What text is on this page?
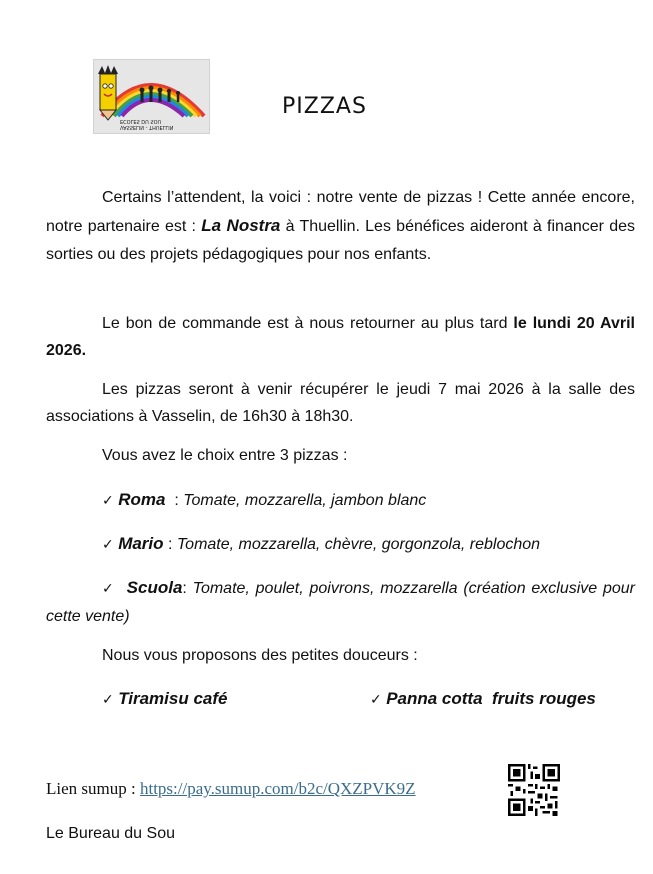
ECOLES DU SOU
VASSELIN - THUELLIN
PIZZAS

Certains l’attendent, la voici : notre vente de pizzas ! Cette année encore, notre partenaire est : La Nostra à Thuellin. Les bénéfices aideront à financer des sorties ou des projets pédagogiques pour nos enfants.

Le bon de commande est à nous retourner au plus tard le lundi 20 Avril 2026.

Les pizzas seront à venir récupérer le jeudi 7 mai 2026 à la salle des associations à Vasselin, de 16h30 à 18h30.

Vous avez le choix entre 3 pizzas :
✓ Roma  : Tomate, mozzarella, jambon blanc
✓ Mario : Tomate, mozzarella, chèvre, gorgonzola, reblochon

✓ Scuola: Tomate, poulet, poivrons, mozzarella (création exclusive pour cette vente)

Nous vous proposons des petites douceurs :
✓ Tiramisu café	✓ Panna cotta  fruits rouges
Lien sumup : https://pay.sumup.com/b2c/QXZPVK9Z
Le Bureau du Sou
